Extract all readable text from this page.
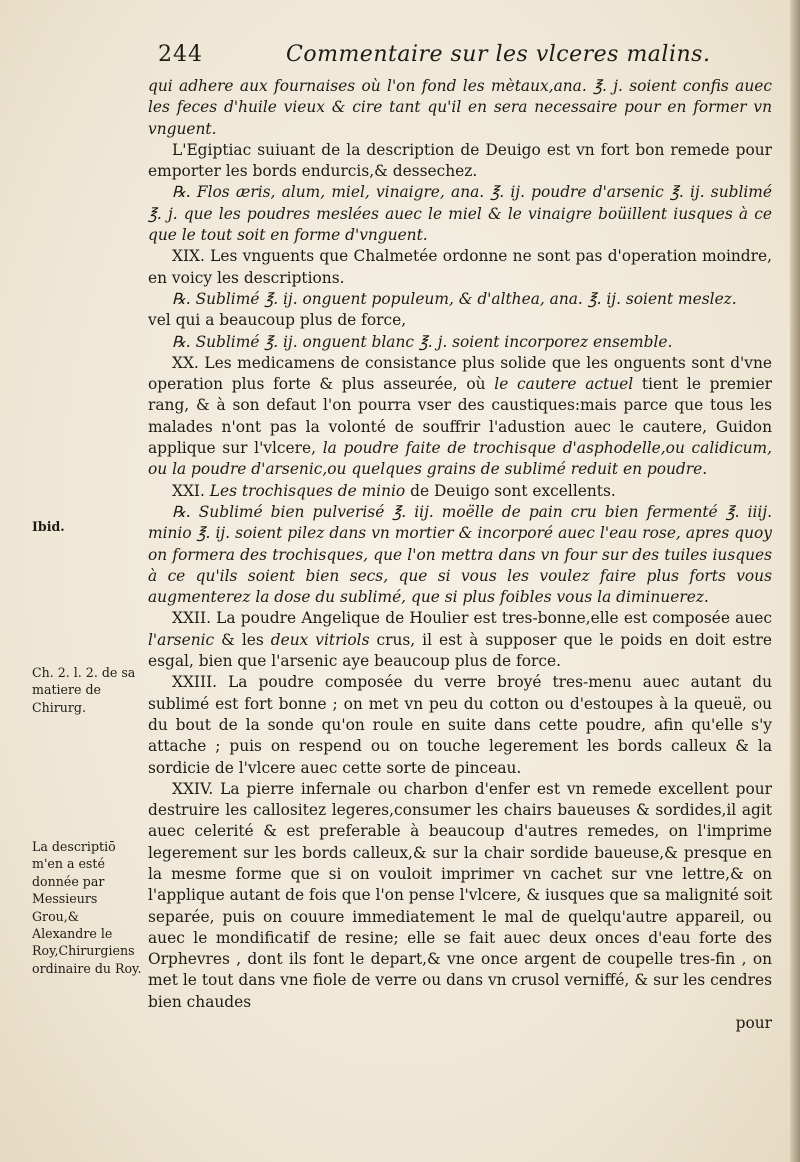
244	Commentaire sur les vlceres malins.
Ibid.
Ch. 2. l. 2. de sa matiere de Chirurg.
La descriptiō m'en a esté donnée par Messieurs Grou,& Alexandre le Roy,Chirurgiens ordinaire du Roy.

qui adhere aux fournaises où l'on fond les mètaux,ana. ℥. j. soient confis auec les feces d'huile vieux & cire tant qu'il en sera necessaire pour en former vn vnguent.

L'Egiptiac suiuant de la description de Deuigo est vn fort bon remede pour emporter les bords endurcis,& dessechez.

℞. Flos æris, alum, miel, vinaigre, ana. ℥. ij. poudre d'arsenic ℥. ij. sublimé ℥. j. que les poudres meslées auec le miel & le vinaigre boüillent iusques à ce que le tout soit en forme d'vnguent.

XIX. Les vnguents que Chalmetée ordonne ne sont pas d'operation moindre, en voicy les descriptions.

℞. Sublimé ℥. ij. onguent populeum, & d'althea, ana. ℥. ij. soient meslez.

vel qui a beaucoup plus de force,

℞. Sublimé ℥. ij. onguent blanc ℥. j. soient incorporez ensemble.

XX. Les medicamens de consistance plus solide que les onguents sont d'vne operation plus forte & plus asseurée, où le cautere actuel tient le premier rang, & à son defaut l'on pourra vser des caustiques:mais parce que tous les malades n'ont pas la volonté de souffrir l'adustion auec le cautere, Guidon applique sur l'vlcere, la poudre faite de trochisque d'asphodelle,ou calidicum, ou la poudre d'arsenic,ou quelques grains de sublimé reduit en poudre.

XXI. Les trochisques de minio de Deuigo sont excellents.

℞. Sublimé bien pulverisé ℥. iij. moëlle de pain cru bien fermenté ℥. iiij. minio ℥. ij. soient pilez dans vn mortier & incorporé auec l'eau rose, apres quoy on formera des trochisques, que l'on mettra dans vn four sur des tuiles iusques à ce qu'ils soient bien secs, que si vous les voulez faire plus forts vous augmenterez la dose du sublimé, que si plus foibles vous la diminuerez.

XXII. La poudre Angelique de Houlier est tres-bonne,elle est composée auec l'arsenic & les deux vitriols crus, il est à supposer que le poids en doit estre esgal, bien que l'arsenic aye beaucoup plus de force.

XXIII. La poudre composée du verre broyé tres-menu auec autant du sublimé est fort bonne ; on met vn peu du cotton ou d'estoupes à la queuë, ou du bout de la sonde qu'on roule en suite dans cette poudre, afin qu'elle s'y attache ; puis on respend ou on touche legerement les bords calleux & la sordicie de l'vlcere auec cette sorte de pinceau.

XXIV. La pierre infernale ou charbon d'enfer est vn remede excellent pour destruire les callositez legeres,consumer les chairs baueuses & sordides,il agit auec celerité & est preferable à beaucoup d'autres remedes, on l'imprime legerement sur les bords calleux,& sur la chair sordide baueuse,& presque en la mesme forme que si on vouloit imprimer vn cachet sur vne lettre,& on l'applique autant de fois que l'on pense l'vlcere, & iusques que sa malignité soit separée, puis on couure immediatement le mal de quelqu'autre appareil, ou auec le mondificatif de resine; elle se fait auec deux onces d'eau forte des Orphevres , dont ils font le depart,& vne once argent de coupelle tres-fin , on met le tout dans vne fiole de verre ou dans vn crusol verniffé, & sur les cendres bien chaudes

pour
